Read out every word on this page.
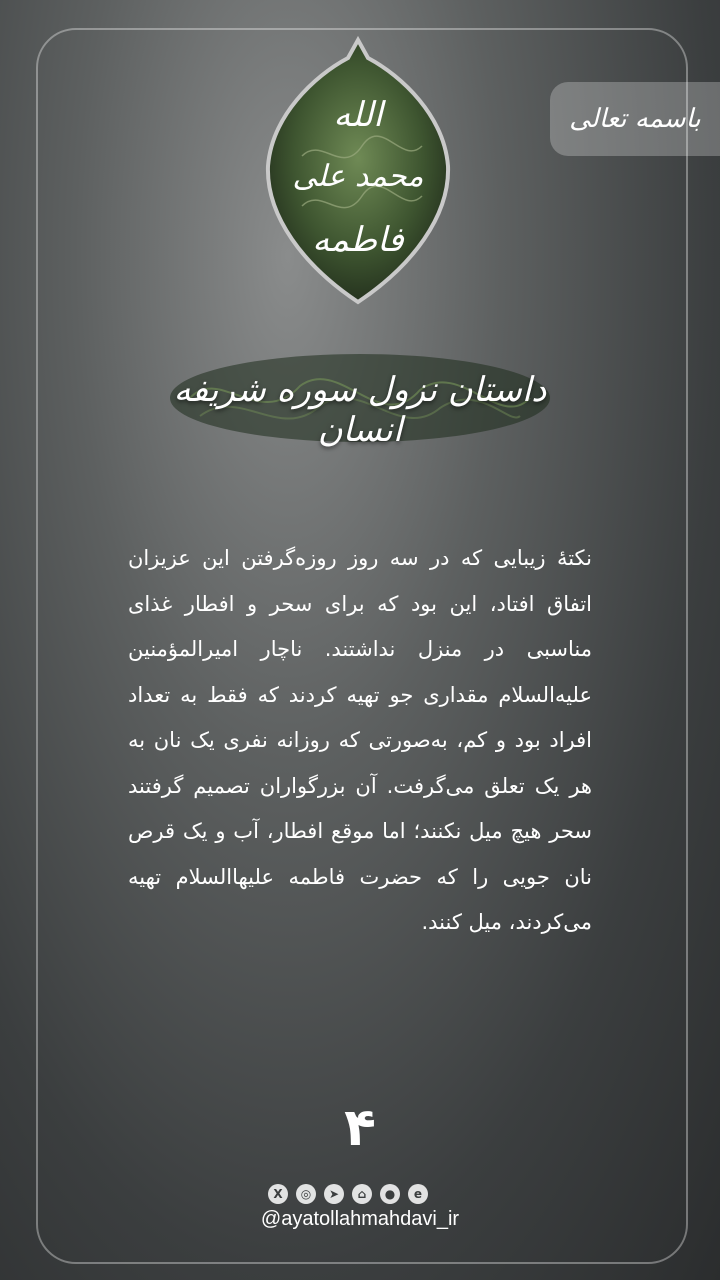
باسمه تعالی
الله
محمد علی
فاطمه
داستان نزول سوره شریفه انسان
نکتۀ زیبایی که در سه روز روزه‌گرفتن این عزیزان اتفاق افتاد، این بود که برای سحر و افطار غذای مناسبی در منزل نداشتند. ناچار امیرالمؤمنین علیه‌السلام مقداری جو تهیه کردند که فقط به تعداد افراد بود و کم، به‌صورتی که روزانه نفری یک نان به هر یک تعلق می‌گرفت. آن بزرگواران تصمیم گرفتند سحر هیچ میل نکنند؛ اما موقع افطار، آب و یک قرص نان جویی را که حضرت فاطمه علیهاالسلام تهیه می‌کردند، میل کنند.
۴
X	◎	➤	⌂	●	e
@ayatollahmahdavi_ir
